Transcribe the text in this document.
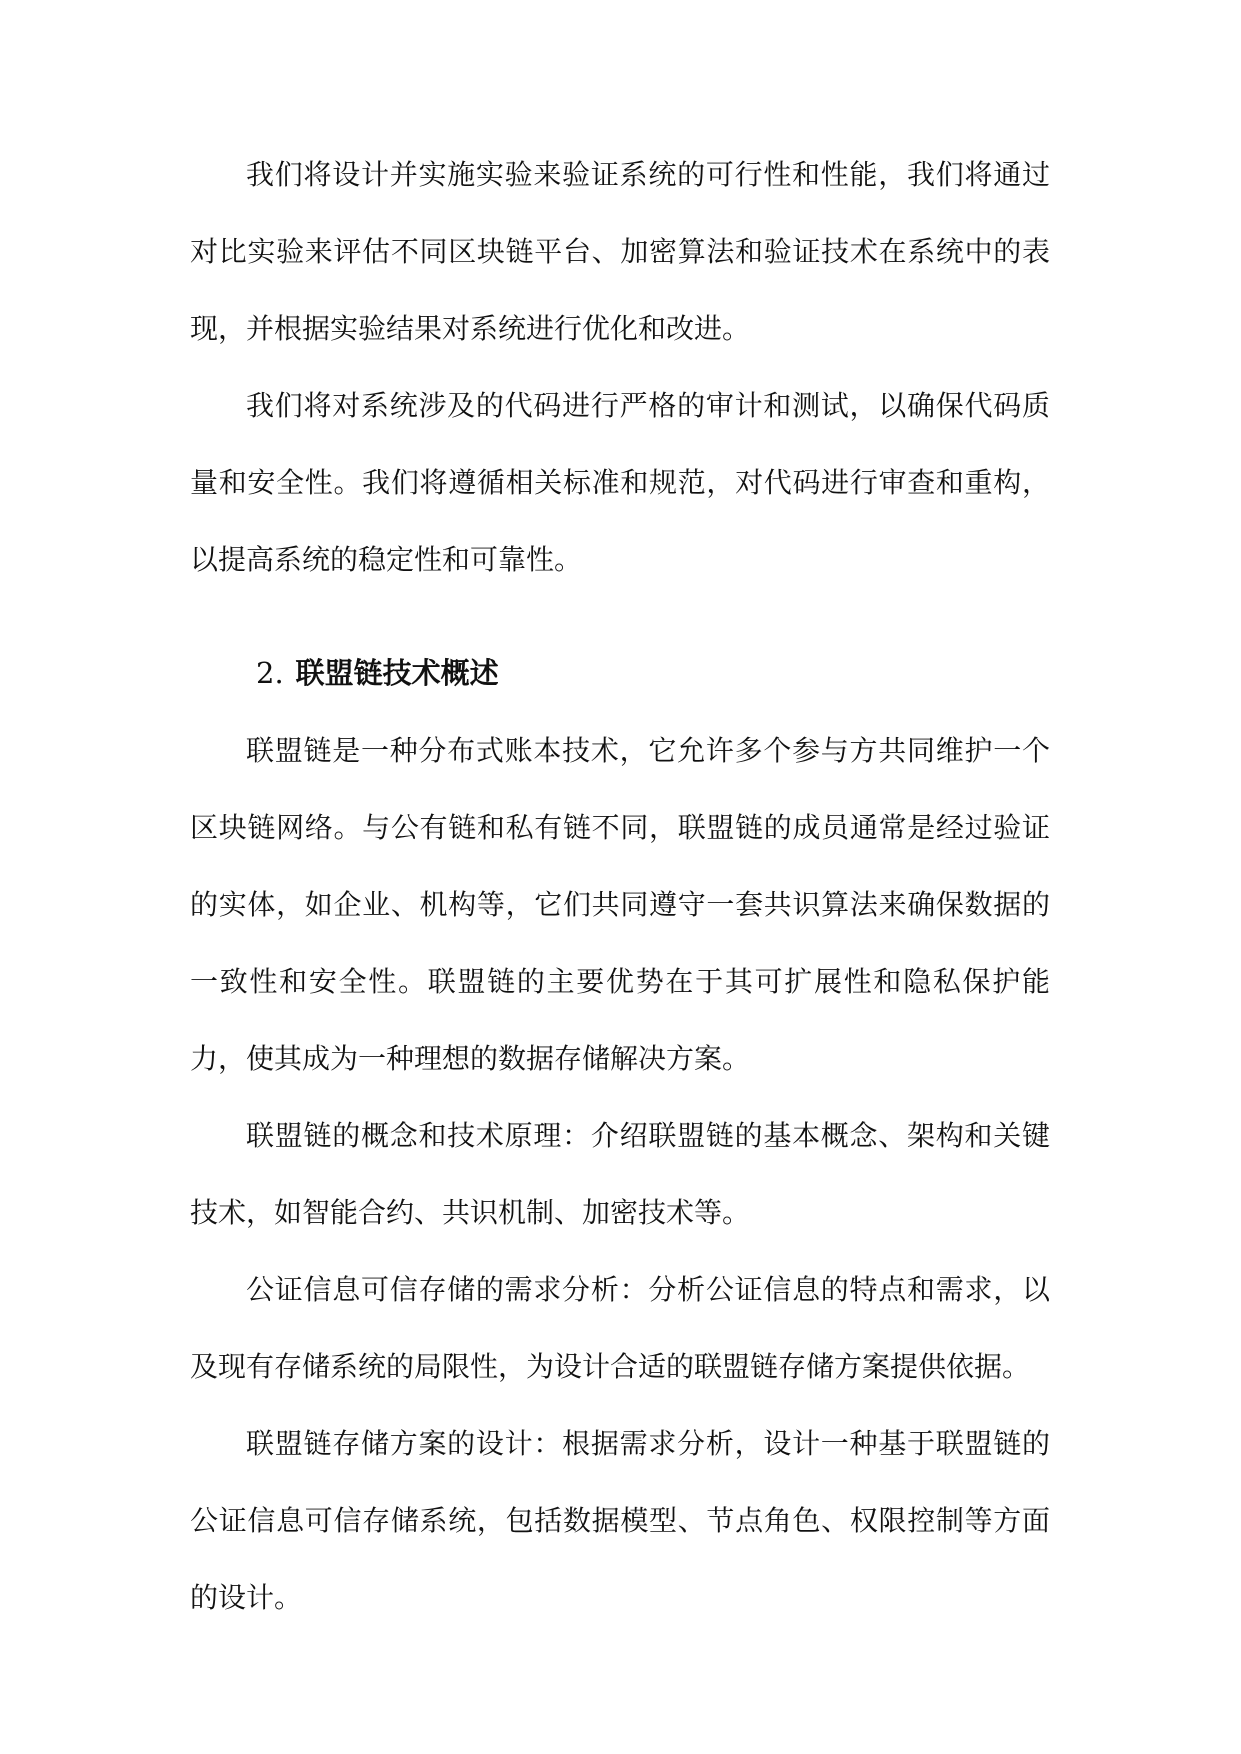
我们将设计并实施实验来验证系统的可行性和性能，我们将通过对比实验来评估不同区块链平台、加密算法和验证技术在系统中的表现，并根据实验结果对系统进行优化和改进。

我们将对系统涉及的代码进行严格的审计和测试，以确保代码质量和安全性。我们将遵循相关标准和规范，对代码进行审查和重构，以提高系统的稳定性和可靠性。

2. 联盟链技术概述

联盟链是一种分布式账本技术，它允许多个参与方共同维护一个区块链网络。与公有链和私有链不同，联盟链的成员通常是经过验证的实体，如企业、机构等，它们共同遵守一套共识算法来确保数据的一致性和安全性。联盟链的主要优势在于其可扩展性和隐私保护能力，使其成为一种理想的数据存储解决方案。

联盟链的概念和技术原理：介绍联盟链的基本概念、架构和关键技术，如智能合约、共识机制、加密技术等。

公证信息可信存储的需求分析：分析公证信息的特点和需求，以及现有存储系统的局限性，为设计合适的联盟链存储方案提供依据。

联盟链存储方案的设计：根据需求分析，设计一种基于联盟链的公证信息可信存储系统，包括数据模型、节点角色、权限控制等方面的设计。
